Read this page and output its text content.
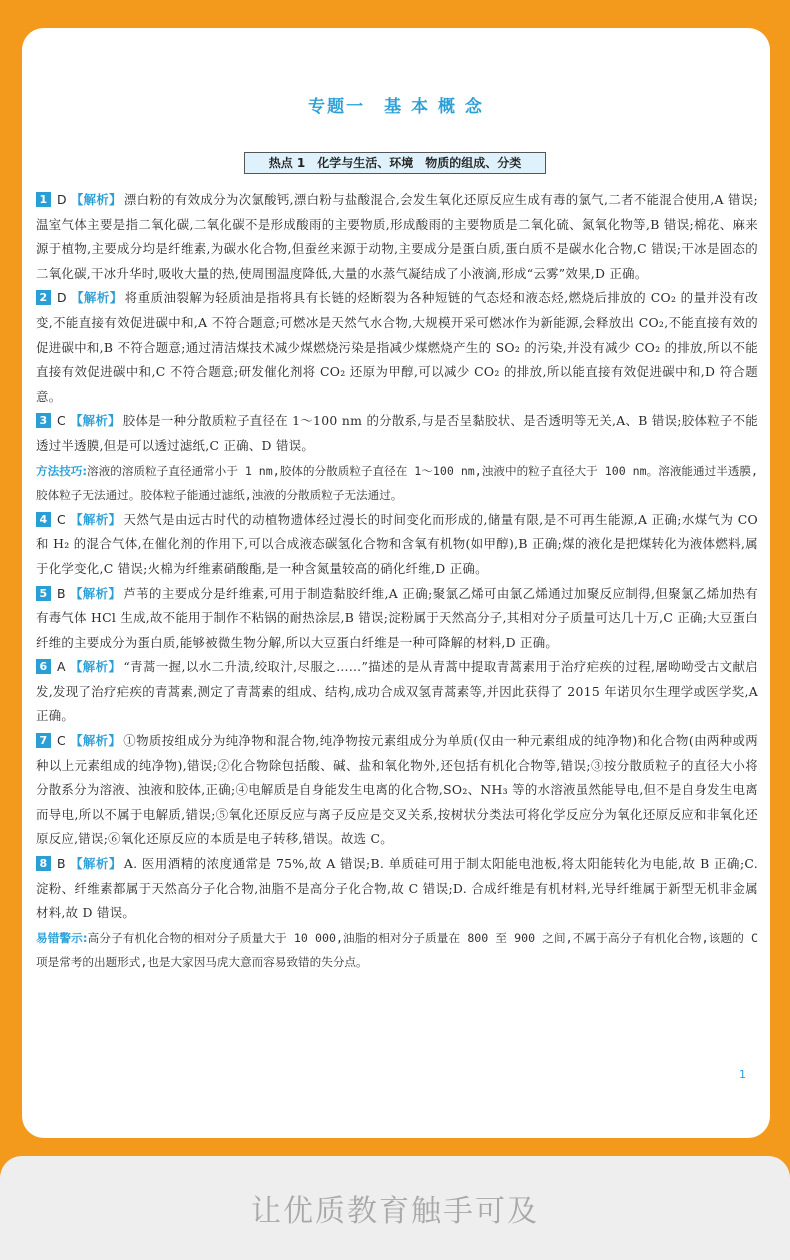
专题一　基 本 概 念
热点 1　化学与生活、环境　物质的组成、分类
1 D 【解析】 漂白粉的有效成分为次氯酸钙,漂白粉与盐酸混合,会发生氧化还原反应生成有毒的氯气,二者不能混合使用,A 错误;温室气体主要是指二氧化碳,二氧化碳不是形成酸雨的主要物质,形成酸雨的主要物质是二氧化硫、氮氧化物等,B 错误;棉花、麻来源于植物,主要成分均是纤维素,为碳水化合物,但蚕丝来源于动物,主要成分是蛋白质,蛋白质不是碳水化合物,C 错误;干冰是固态的二氧化碳,干冰升华时,吸收大量的热,使周围温度降低,大量的水蒸气凝结成了小液滴,形成“云雾”效果,D 正确。
2 D 【解析】 将重质油裂解为轻质油是指将具有长链的烃断裂为各种短链的气态烃和液态烃,燃烧后排放的 CO₂ 的量并没有改变,不能直接有效促进碳中和,A 不符合题意;可燃冰是天然气水合物,大规模开采可燃冰作为新能源,会释放出 CO₂,不能直接有效的促进碳中和,B 不符合题意;通过清洁煤技术减少煤燃烧污染是指减少煤燃烧产生的 SO₂ 的污染,并没有减少 CO₂ 的排放,所以不能直接有效促进碳中和,C 不符合题意;研发催化剂将 CO₂ 还原为甲醇,可以减少 CO₂ 的排放,所以能直接有效促进碳中和,D 符合题意。
3 C 【解析】 胶体是一种分散质粒子直径在 1～100 nm 的分散系,与是否呈黏胶状、是否透明等无关,A、B 错误;胶体粒子不能透过半透膜,但是可以透过滤纸,C 正确、D 错误。
方法技巧:溶液的溶质粒子直径通常小于 1 nm,胶体的分散质粒子直径在 1～100 nm,浊液中的粒子直径大于 100 nm。溶液能通过半透膜,胶体粒子无法通过。胶体粒子能通过滤纸,浊液的分散质粒子无法通过。
4 C 【解析】 天然气是由远古时代的动植物遗体经过漫长的时间变化而形成的,储量有限,是不可再生能源,A 正确;水煤气为 CO 和 H₂ 的混合气体,在催化剂的作用下,可以合成液态碳氢化合物和含氧有机物(如甲醇),B 正确;煤的液化是把煤转化为液体燃料,属于化学变化,C 错误;火棉为纤维素硝酸酯,是一种含氮量较高的硝化纤维,D 正确。
5 B 【解析】 芦苇的主要成分是纤维素,可用于制造黏胶纤维,A 正确;聚氯乙烯可由氯乙烯通过加聚反应制得,但聚氯乙烯加热有有毒气体 HCl 生成,故不能用于制作不粘锅的耐热涂层,B 错误;淀粉属于天然高分子,其相对分子质量可达几十万,C 正确;大豆蛋白纤维的主要成分为蛋白质,能够被微生物分解,所以大豆蛋白纤维是一种可降解的材料,D 正确。
6 A 【解析】 “青蒿一握,以水二升渍,绞取汁,尽服之……”描述的是从青蒿中提取青蒿素用于治疗疟疾的过程,屠呦呦受古文献启发,发现了治疗疟疾的青蒿素,测定了青蒿素的组成、结构,成功合成双氢青蒿素等,并因此获得了 2015 年诺贝尔生理学或医学奖,A 正确。
7 C 【解析】 ①物质按组成分为纯净物和混合物,纯净物按元素组成分为单质(仅由一种元素组成的纯净物)和化合物(由两种或两种以上元素组成的纯净物),错误;②化合物除包括酸、碱、盐和氧化物外,还包括有机化合物等,错误;③按分散质粒子的直径大小将分散系分为溶液、浊液和胶体,正确;④电解质是自身能发生电离的化合物,SO₂、NH₃ 等的水溶液虽然能导电,但不是自身发生电离而导电,所以不属于电解质,错误;⑤氧化还原反应与离子反应是交叉关系,按树状分类法可将化学反应分为氧化还原反应和非氧化还原反应,错误;⑥氧化还原反应的本质是电子转移,错误。故选 C。
8 B 【解析】 A. 医用酒精的浓度通常是 75%,故 A 错误;B. 单质硅可用于制太阳能电池板,将太阳能转化为电能,故 B 正确;C. 淀粉、纤维素都属于天然高分子化合物,油脂不是高分子化合物,故 C 错误;D. 合成纤维是有机材料,光导纤维属于新型无机非金属材料,故 D 错误。
易错警示:高分子有机化合物的相对分子质量大于 10 000,油脂的相对分子质量在 800 至 900 之间,不属于高分子有机化合物,该题的 C 项是常考的出题形式,也是大家因马虎大意而容易致错的失分点。
1
让优质教育触手可及
